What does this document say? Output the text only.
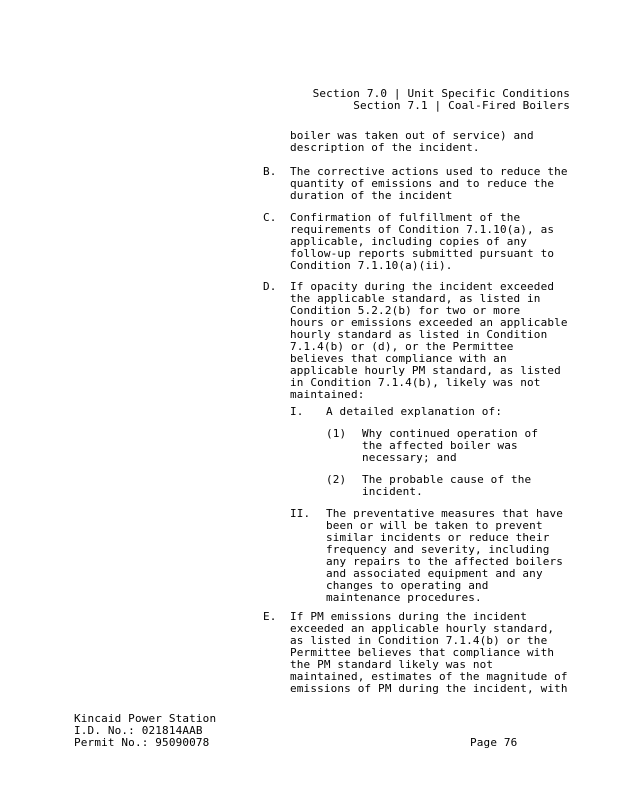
Section 7.0 | Unit Specific Conditions
Section 7.1 | Coal-Fired Boilers
boiler was taken out of service) and
description of the incident.
B. The corrective actions used to reduce the
quantity of emissions and to reduce the
duration of the incident
C. Confirmation of fulfillment of the
requirements of Condition 7.1.10(a), as
applicable, including copies of any
follow-up reports submitted pursuant to
Condition 7.1.10(a)(ii).
D. If opacity during the incident exceeded
the applicable standard, as listed in
Condition 5.2.2(b) for two or more
hours or emissions exceeded an applicable
hourly standard as listed in Condition
7.1.4(b) or (d), or the Permittee
believes that compliance with an
applicable hourly PM standard, as listed
in Condition 7.1.4(b), likely was not
maintained:
I. A detailed explanation of:
(1) Why continued operation of
the affected boiler was
necessary; and
(2) The probable cause of the
incident.
II. The preventative measures that have
been or will be taken to prevent
similar incidents or reduce their
frequency and severity, including
any repairs to the affected boilers
and associated equipment and any
changes to operating and
maintenance procedures.
E. If PM emissions during the incident
exceeded an applicable hourly standard,
as listed in Condition 7.1.4(b) or the
Permittee believes that compliance with
the PM standard likely was not
maintained, estimates of the magnitude of
emissions of PM during the incident, with
Kincaid Power Station
I.D. No.: 021814AAB
Permit No.: 95090078	Page 76
